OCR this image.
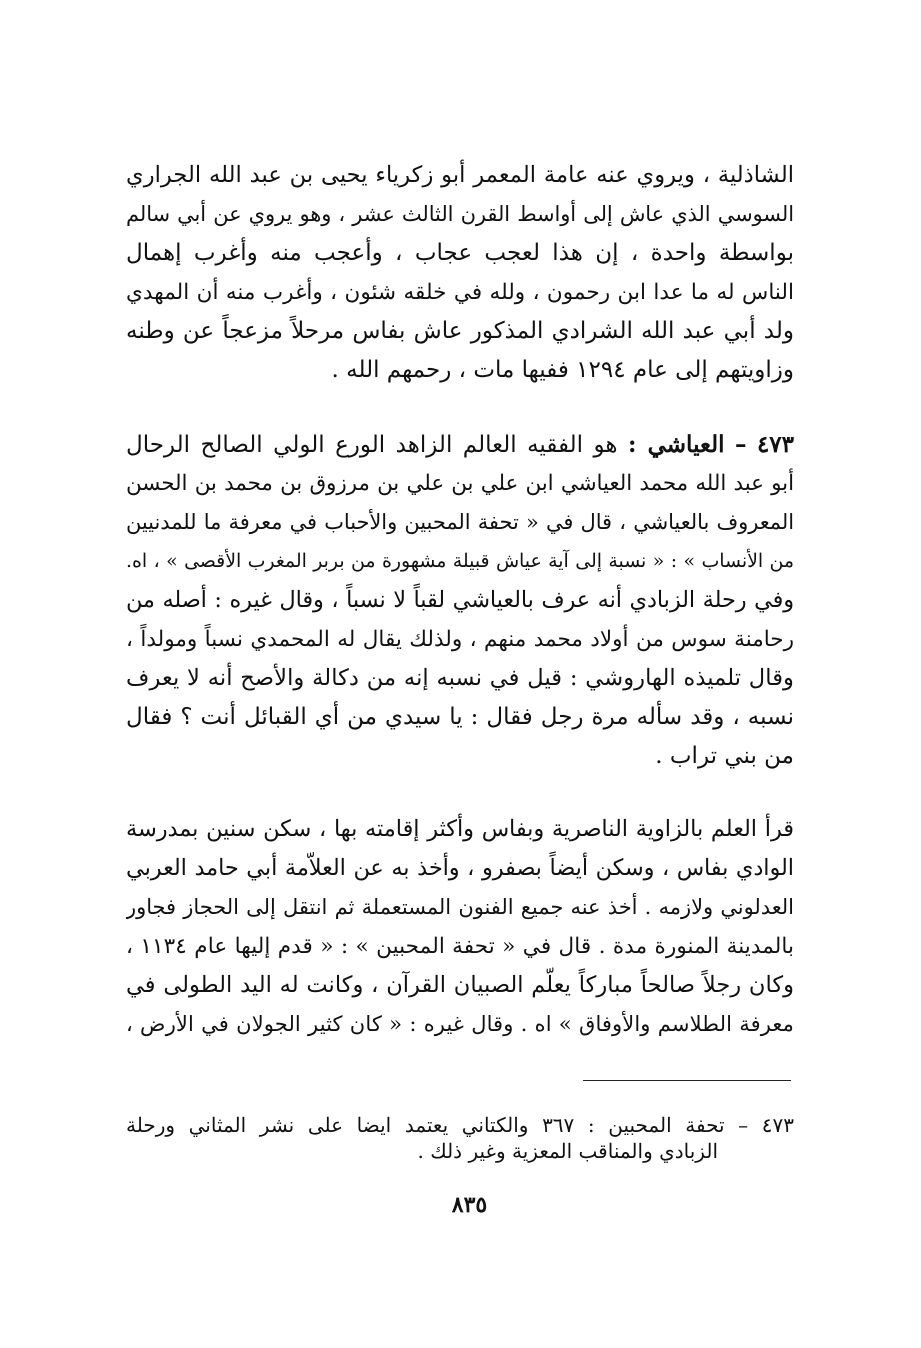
الشاذلية ، ويروي عنه عامة المعمر أبو زكرياء يحيى بن عبد الله الجراري
السوسي الذي عاش إلى أواسط القرن الثالث عشر ، وهو يروي عن أبي سالم
بواسطة واحدة ، إن هذا لعجب عجاب ، وأعجب منه وأغرب إهمال
الناس له ما عدا ابن رحمون ، ولله في خلقه شئون ، وأغرب منه أن المهدي
ولد أبي عبد الله الشرادي المذكور عاش بفاس مرحلاً مزعجاً عن وطنه
وزاويتهم إلى عام ١٢٩٤ ففيها مات ، رحمهم الله .
٤٧٣ – العياشي : هو الفقيه العالم الزاهد الورع الولي الصالح الرحال
أبو عبد الله محمد العياشي ابن علي بن علي بن مرزوق بن محمد بن الحسن
المعروف بالعياشي ، قال في « تحفة المحبين والأحباب في معرفة ما للمدنيين
من الأنساب » : « نسبة إلى آية عياش قبيلة مشهورة من بربر المغرب الأقصى » ، اه.
وفي رحلة الزبادي أنه عرف بالعياشي لقباً لا نسباً ، وقال غيره : أصله من
رحامنة سوس من أولاد محمد منهم ، ولذلك يقال له المحمدي نسباً ومولداً ،
وقال تلميذه الهاروشي : قيل في نسبه إنه من دكالة والأصح أنه لا يعرف
نسبه ، وقد سأله مرة رجل فقال : يا سيدي من أي القبائل أنت ؟ فقال
من بني تراب .
قرأ العلم بالزاوية الناصرية وبفاس وأكثر إقامته بها ، سكن سنين بمدرسة
الوادي بفاس ، وسكن أيضاً بصفرو ، وأخذ به عن العلاّمة أبي حامد العربي
العدلوني ولازمه . أخذ عنه جميع الفنون المستعملة ثم انتقل إلى الحجاز فجاور
بالمدينة المنورة مدة . قال في « تحفة المحبين » : « قدم إليها عام ١١٣٤ ،
وكان رجلاً صالحاً مباركاً يعلّم الصبيان القرآن ، وكانت له اليد الطولى في
معرفة الطلاسم والأوفاق » اه . وقال غيره : « كان كثير الجولان في الأرض ،
٤٧٣ – تحفة المحبين : ٣٦٧ والكتاني يعتمد ايضا على نشر المثاني ورحلة
الزبادي والمناقب المعزية وغير ذلك .
٨٣٥
